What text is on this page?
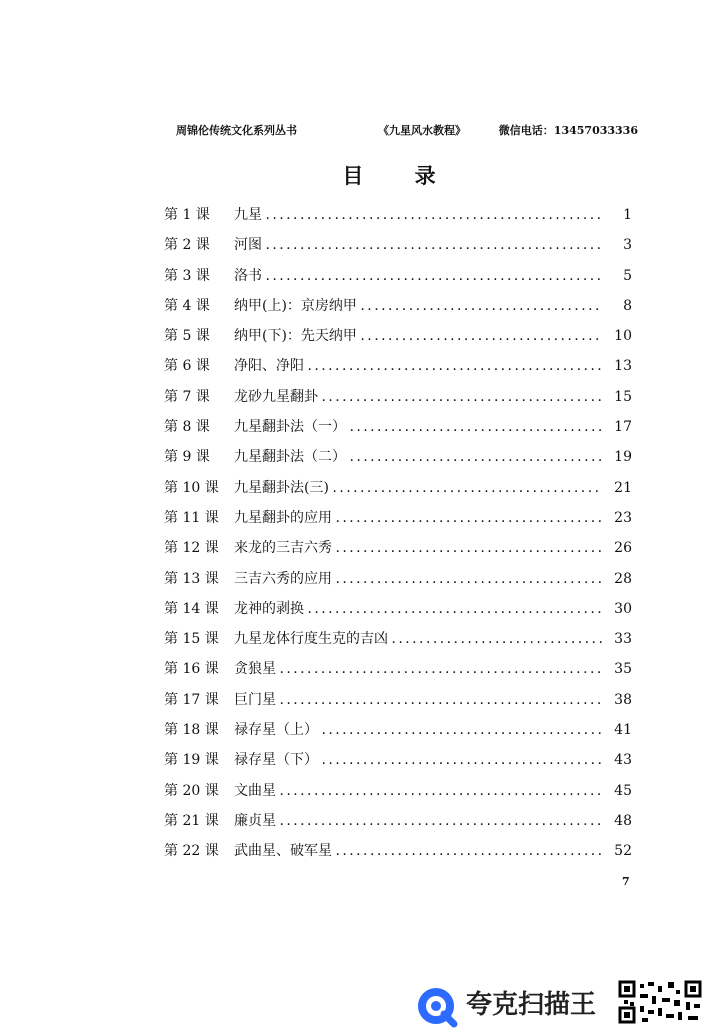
周锦伦传统文化系列丛书	《九星风水教程》	微信电话：13457033336
目 录
第 1 课	九星 . . .	1
第 2 课	河图 . . .	3
第 3 课	洛书 . . .	5
第 4 课	纳甲(上)：京房纳甲 . . .	8
第 5 课	纳甲(下)：先天纳甲 . . .	10
第 6 课	净阳、净阳 . . .	13
第 7 课	龙砂九星翻卦 . . .	15
第 8 课	九星翻卦法（一） . . .	17
第 9 课	九星翻卦法（二） . . .	19
第 10 课	九星翻卦法(三) . . .	21
第 11 课	九星翻卦的应用 . . .	23
第 12 课	来龙的三吉六秀 . . .	26
第 13 课	三吉六秀的应用 . . .	28
第 14 课	龙神的剥换 . . .	30
第 15 课	九星龙体行度生克的吉凶 . . .	33
第 16 课	贪狼星 . . .	35
第 17 课	巨门星 . . .	38
第 18 课	禄存星（上） . . .	41
第 19 课	禄存星（下） . . .	43
第 20 课	文曲星 . . .	45
第 21 课	廉贞星 . . .	48
第 22 课	武曲星、破军星 . . .	52
7
夸克扫描王
